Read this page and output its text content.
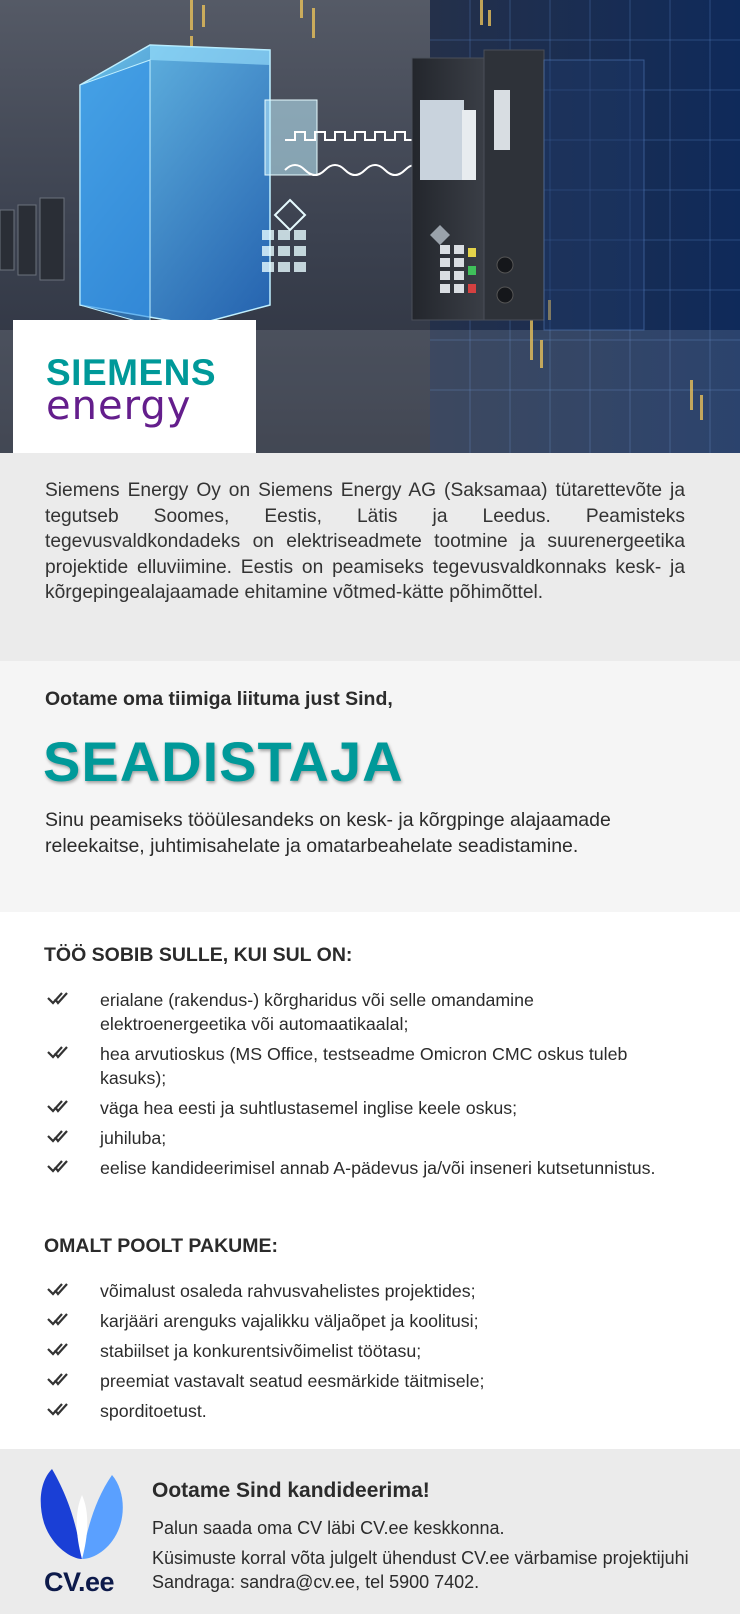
SIEMENS
energy

Siemens Energy Oy on Siemens Energy AG (Saksamaa) tütarettevõte ja tegutseb Soomes, Eestis, Lätis ja Leedus. Peamisteks tegevusvaldkondadeks on elektriseadmete tootmine ja suurenergeetika projektide elluviimine. Eestis on peamiseks tegevusvaldkonnaks kesk- ja kõrgepingealajaamade ehitamine võtmed-kätte põhimõttel.

Ootame oma tiimiga liituma just Sind,

SEADISTAJA

Sinu peamiseks tööülesandeks on kesk- ja kõrgpinge alajaamade releekaitse, juhtimisahelate ja omatarbeahelate seadistamine.

TÖÖ SOBIB SULLE, KUI SUL ON:
erialane (rakendus-) kõrgharidus või selle omandamine elektroenergeetika või automaatikaalal;
hea arvutioskus (MS Office, testseadme Omicron CMC oskus tuleb kasuks);
väga hea eesti ja suhtlustasemel inglise keele oskus;
juhiluba;
eelise kandideerimisel annab A-pädevus ja/või inseneri kutsetunnistus.
OMALT POOLT PAKUME:
võimalust osaleda rahvusvahelistes projektides;
karjääri arenguks vajalikku väljaõpet ja koolitusi;
stabiilset ja konkurentsivõimelist töötasu;
preemiat vastavalt seatud eesmärkide täitmisele;
sporditoetust.
CV.ee
Ootame Sind kandideerima!

Palun saada oma CV läbi CV.ee keskkonna.

Küsimuste korral võta julgelt ühendust CV.ee värbamise projektijuhi Sandraga: sandra@cv.ee, tel 5900 7402.
